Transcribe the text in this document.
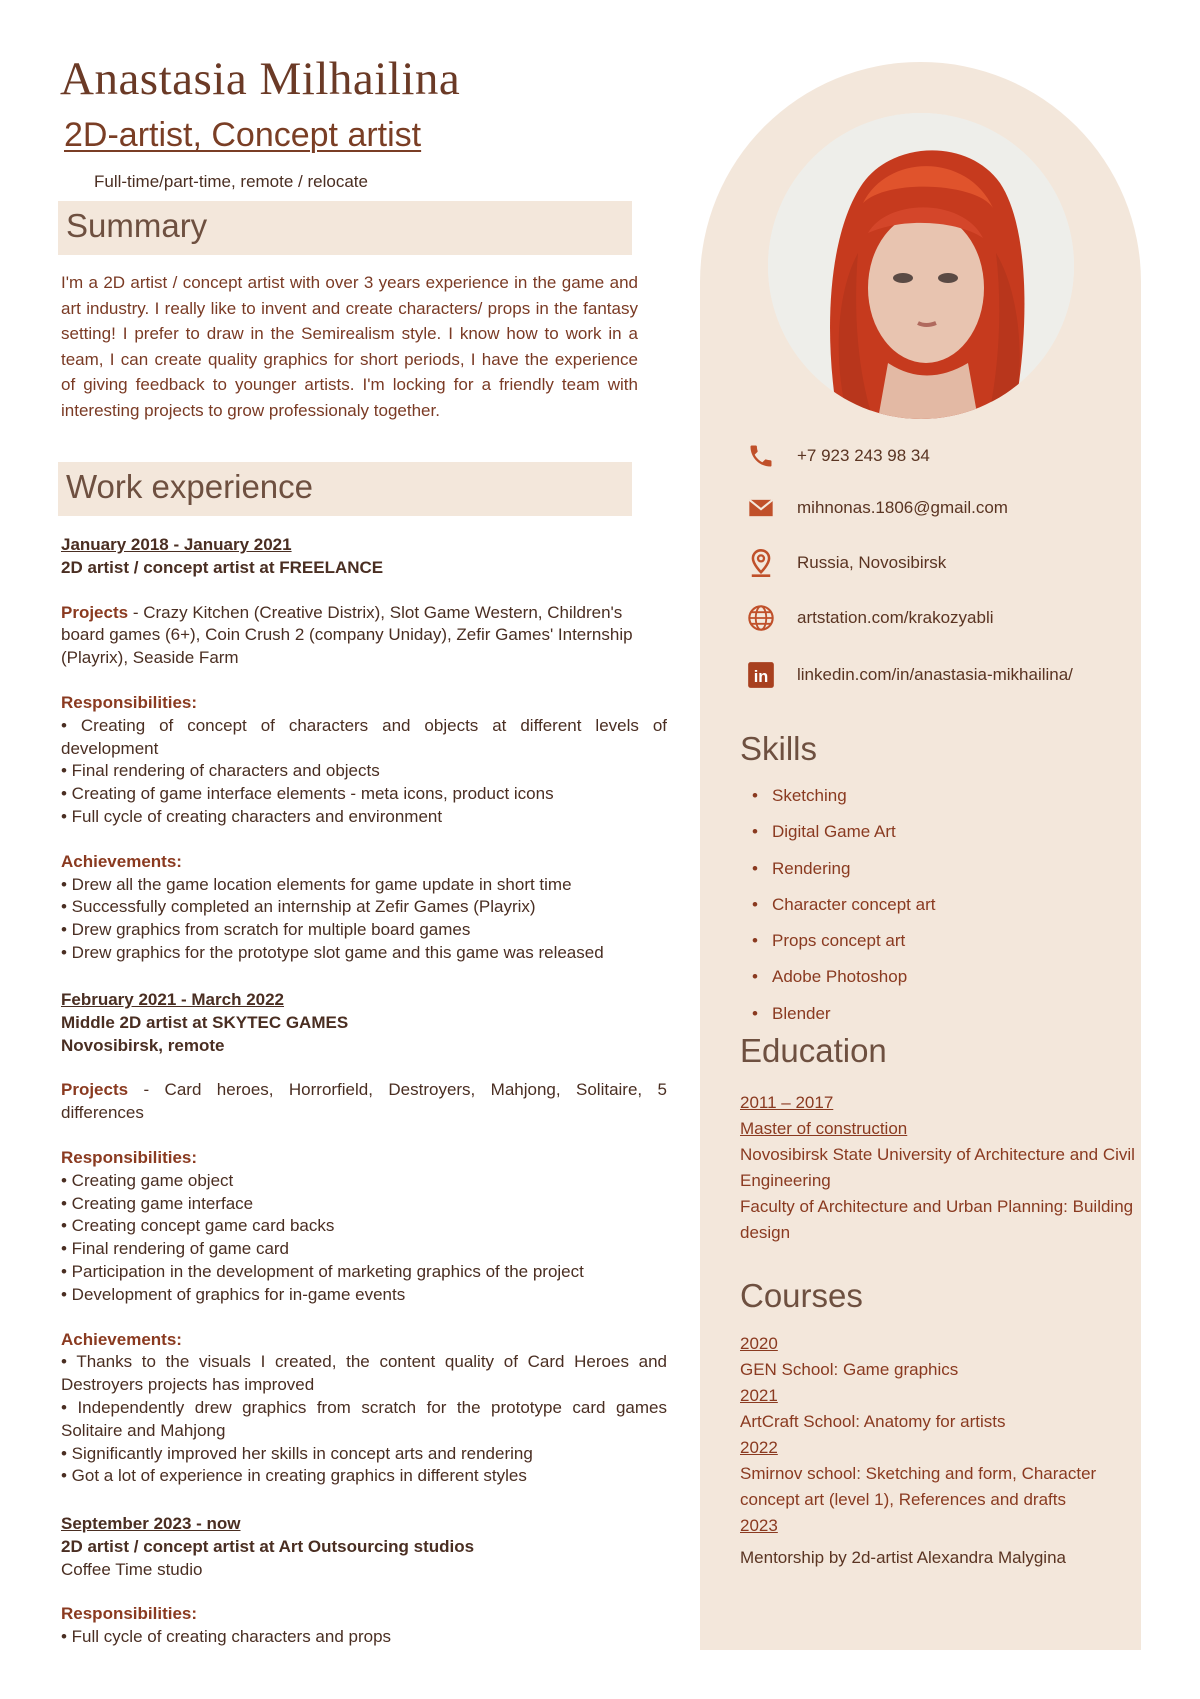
Anastasia Milhailina
2D-artist, Concept artist
Full-time/part-time, remote / relocate
Summary

I'm a 2D artist / concept artist with over 3 years experience in the game and art industry. I really like to invent and create characters/ props in the fantasy setting! I prefer to draw in the Semirealism style. I know how to work in a team, I can create quality graphics for short periods, I have the experience of giving feedback to younger artists. I'm locking for a friendly team with interesting projects to grow professionaly together.

Work experience
January 2018 - January 2021
2D artist / concept artist at FREELANCE
Projects - Crazy Kitchen (Creative Distrix), Slot Game Western, Children's board games (6+), Coin Crush 2 (company Uniday), Zefir Games' Internship (Playrix), Seaside Farm
Responsibilities:
• Creating of concept of characters and objects at different levels of development
• Final rendering of characters and objects
• Creating of game interface elements - meta icons, product icons
• Full cycle of creating characters and environment
Achievements:
• Drew all the game location elements for game update in short time
• Successfully completed an internship at Zefir Games (Playrix)
• Drew graphics from scratch for multiple board games
• Drew graphics for the prototype slot game and this game was released
February 2021 - March 2022
Middle 2D artist at SKYTEC GAMES
Novosibirsk, remote
Projects - Card heroes, Horrorfield, Destroyers, Mahjong, Solitaire, 5 differences
Responsibilities:
• Creating game object
• Creating game interface
• Creating concept game card backs
• Final rendering of game card
• Participation in the development of marketing graphics of the project
• Development of graphics for in-game events
Achievements:
• Thanks to the visuals I created, the content quality of Card Heroes and Destroyers projects has improved
• Independently drew graphics from scratch for the prototype card games Solitaire and Mahjong
• Significantly improved her skills in concept arts and rendering
• Got a lot of experience in creating graphics in different styles
September 2023 - now
2D artist / concept artist at Art Outsourcing studios
Coffee Time studio
Responsibilities:
• Full cycle of creating characters and props
+7 923 243 98 34
mihnonas.1806@gmail.com
Russia, Novosibirsk
artstation.com/krakozyabli
in linkedin.com/in/anastasia-mikhailina/
Skills
• Sketching
• Digital Game Art
• Rendering
• Character concept art
• Props concept art
• Adobe Photoshop
• Blender
Education
2011 – 2017
Master of construction
Novosibirsk State University of Architecture and Civil Engineering
Faculty of Architecture and Urban Planning: Building design
Courses
2020
GEN School: Game graphics
2021
ArtCraft School: Anatomy for artists
2022
Smirnov school: Sketching and form, Character concept art (level 1), References and drafts
2023
Mentorship by 2d-artist Alexandra Malygina
